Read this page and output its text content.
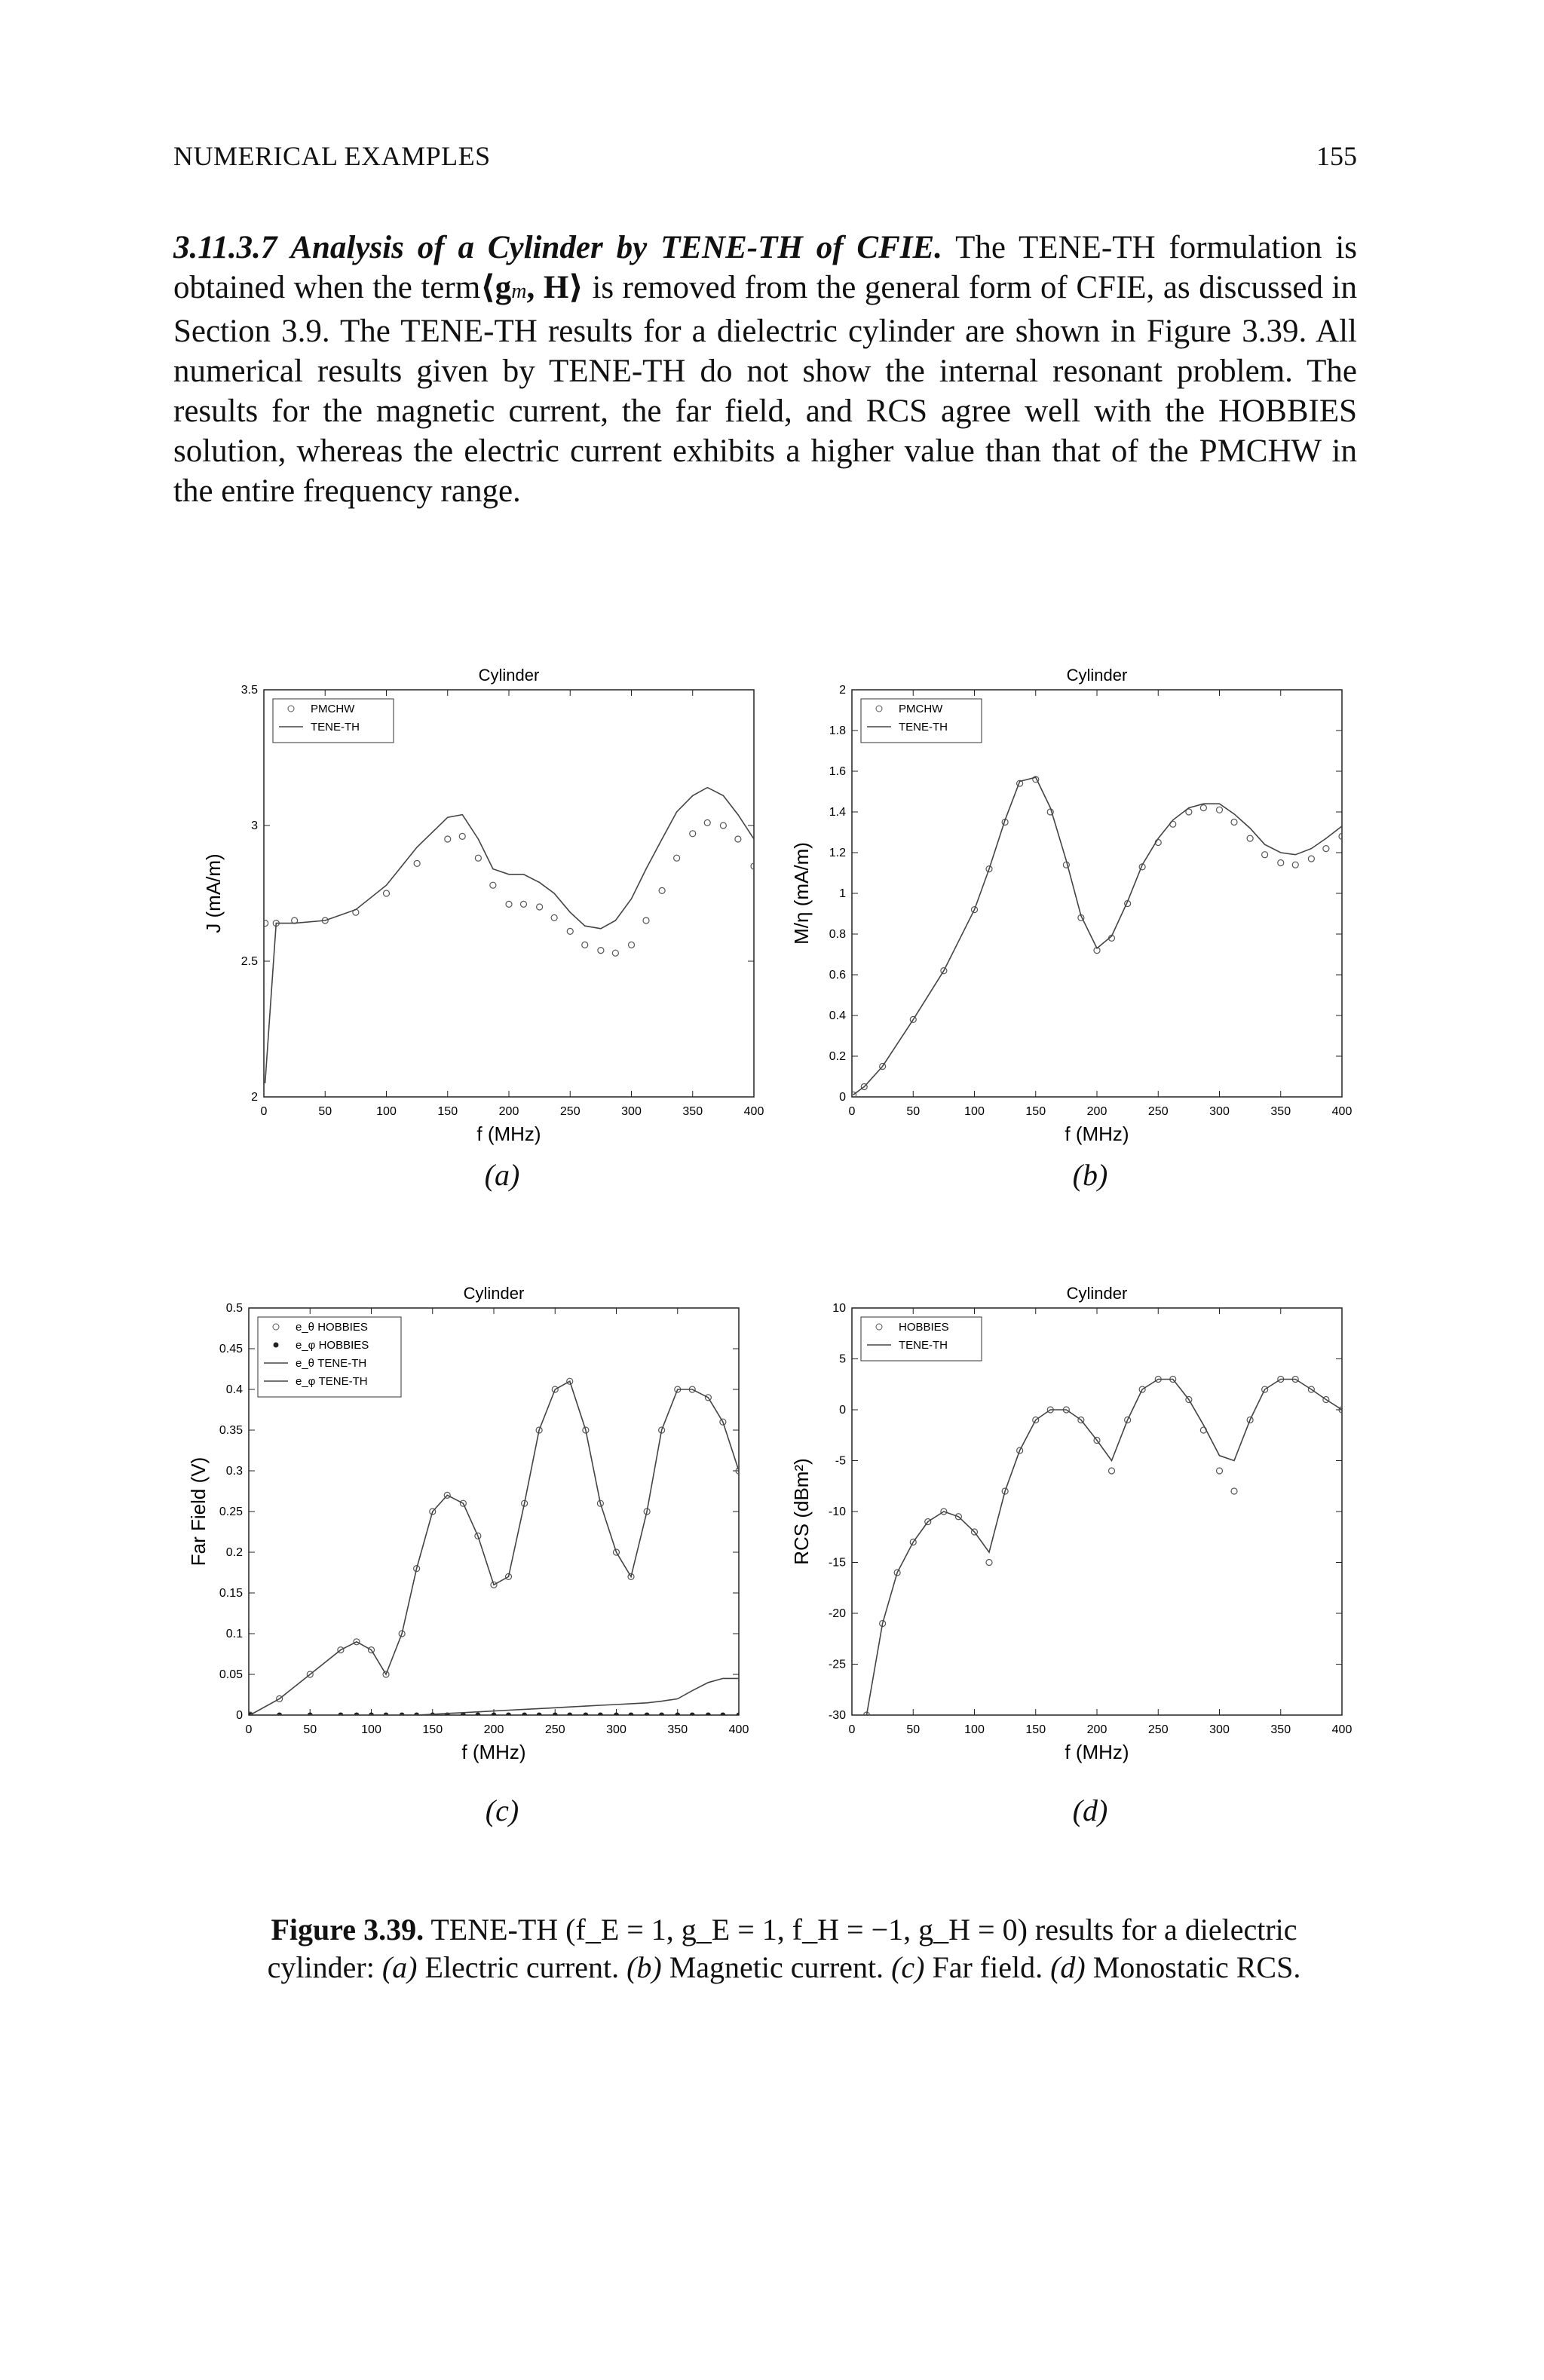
NUMERICAL EXAMPLES	155
3.11.3.7 Analysis of a Cylinder by TENE-TH of CFIE. The TENE-TH formulation is obtained when the term⟨gm, H⟩ is removed from the general form of CFIE, as discussed in Section 3.9. The TENE-TH results for a dielectric cylinder are shown in Figure 3.39. All numerical results given by TENE-TH do not show the internal resonant problem. The results for the magnetic current, the far field, and RCS agree well with the HOBBIES solution, whereas the electric current exhibits a higher value than that of the PMCHW in the entire frequency range.
Cylinder
0	50	100	150	200	250	300	350	400
2
2.5
3
3.5
f (MHz)
J (mA/m)
PMCHW
TENE-TH
(a)
Cylinder
0	50	100	150	200	250	300	350	400
0
0.2
0.4
0.6
0.8
1
1.2
1.4
1.6
1.8
2
f (MHz)
M/η (mA/m)
PMCHW
TENE-TH
(b)
Cylinder
0	50	100	150	200	250	300	350	400
0
0.05
0.1
0.15
0.2
0.25
0.3
0.35
0.4
0.45
0.5
f (MHz)
Far Field (V)
e_θ HOBBIES
e_φ HOBBIES
e_θ TENE-TH
e_φ TENE-TH
(c)
Cylinder
0	50	100	150	200	250	300	350	400
-30
-25
-20
-15
-10
-5
0
5
10
f (MHz)
RCS (dBm²)
HOBBIES
TENE-TH
(d)
Figure 3.39. TENE-TH (f_E = 1, g_E = 1, f_H = −1, g_H = 0) results for a dielectric cylinder: (a) Electric current. (b) Magnetic current. (c) Far field. (d) Monostatic RCS.
